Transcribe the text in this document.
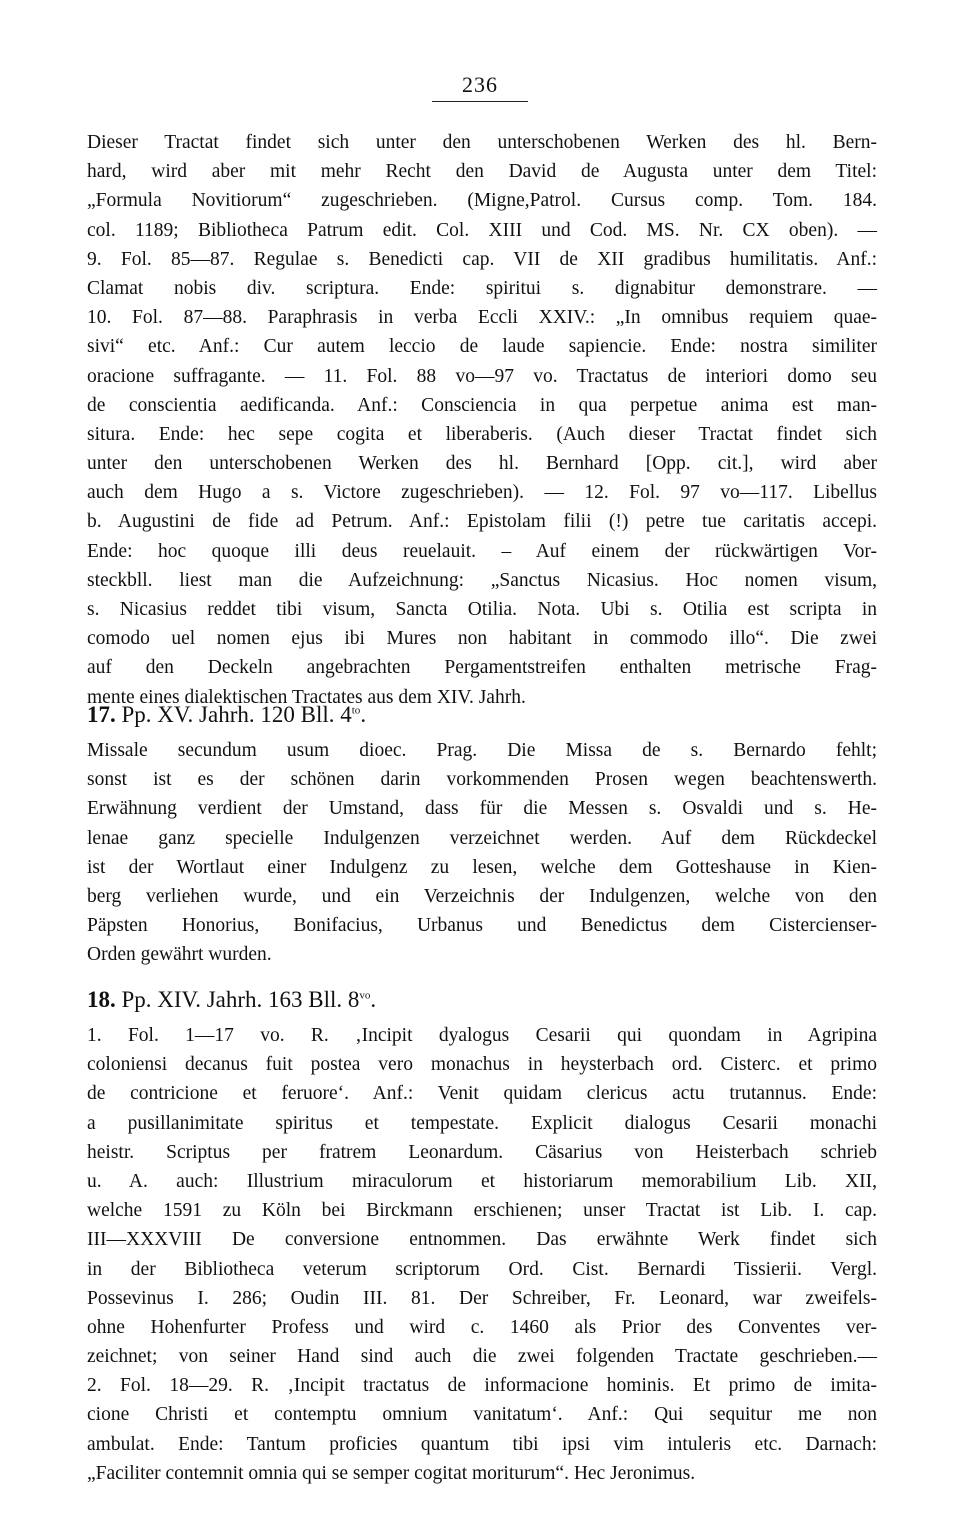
236
Dieser Tractat findet sich unter den unterschobenen Werken des hl. Bern-
hard, wird aber mit mehr Recht den David de Augusta unter dem Titel:
„Formula Novitiorum“ zugeschrieben. (Migne,Patrol. Cursus comp. Tom. 184.
col. 1189; Bibliotheca Patrum edit. Col. XIII und Cod. MS. Nr. CX oben). —
9. Fol. 85—87. Regulae s. Benedicti cap. VII de XII gradibus humilitatis. Anf.:
Clamat nobis div. scriptura. Ende: spiritui s. dignabitur demonstrare. —
10. Fol. 87—88. Paraphrasis in verba Eccli XXIV.: „In omnibus requiem quae-
sivi“ etc. Anf.: Cur autem leccio de laude sapiencie. Ende: nostra similiter
oracione suffragante. — 11. Fol. 88 vo—97 vo. Tractatus de interiori domo seu
de conscientia aedificanda. Anf.: Consciencia in qua perpetue anima est man-
situra. Ende: hec sepe cogita et liberaberis. (Auch dieser Tractat findet sich
unter den unterschobenen Werken des hl. Bernhard [Opp. cit.], wird aber
auch dem Hugo a s. Victore zugeschrieben). — 12. Fol. 97 vo—117. Libellus
b. Augustini de fide ad Petrum. Anf.: Epistolam filii (!) petre tue caritatis accepi.
Ende: hoc quoque illi deus reuelauit. – Auf einem der rückwärtigen Vor-
steckbll. liest man die Aufzeichnung: „Sanctus Nicasius. Hoc nomen visum,
s. Nicasius reddet tibi visum, Sancta Otilia. Nota. Ubi s. Otilia est scripta in
comodo uel nomen ejus ibi Mures non habitant in commodo illo“. Die zwei
auf den Deckeln angebrachten Pergamentstreifen enthalten metrische Frag-
mente eines dialektischen Tractates aus dem XIV. Jahrh.
17. Pp. XV. Jahrh. 120 Bll. $4^{to}$.
Missale secundum usum dioec. Prag. Die Missa de s. Bernardo fehlt;
sonst ist es der schönen darin vorkommenden Prosen wegen beachtenswerth.
Erwähnung verdient der Umstand, dass für die Messen s. Osvaldi und s. He-
lenae ganz specielle Indulgenzen verzeichnet werden. Auf dem Rückdeckel
ist der Wortlaut einer Indulgenz zu lesen, welche dem Gotteshause in Kien-
berg verliehen wurde, und ein Verzeichnis der Indulgenzen, welche von den
Päpsten Honorius, Bonifacius, Urbanus und Benedictus dem Cistercienser-
Orden gewährt wurden.
18. Pp. XIV. Jahrh. 163 Bll. $8^{vo}$.
1. Fol. 1—17 vo. R. ‚Incipit dyalogus Cesarii qui quondam in Agripina
coloniensi decanus fuit postea vero monachus in heysterbach ord. Cisterc. et primo
de contricione et feruore‘. Anf.: Venit quidam clericus actu trutannus. Ende:
a pusillanimitate spiritus et tempestate. Explicit dialogus Cesarii monachi
heistr. Scriptus per fratrem Leonardum. Cäsarius von Heisterbach schrieb
u. A. auch: Illustrium miraculorum et historiarum memorabilium Lib. XII,
welche 1591 zu Köln bei Birckmann erschienen; unser Tractat ist Lib. I. cap.
III—XXXVIII De conversione entnommen. Das erwähnte Werk findet sich
in der Bibliotheca veterum scriptorum Ord. Cist. Bernardi Tissierii. Vergl.
Possevinus I. 286; Oudin III. 81. Der Schreiber, Fr. Leonard, war zweifels-
ohne Hohenfurter Profess und wird c. 1460 als Prior des Conventes ver-
zeichnet; von seiner Hand sind auch die zwei folgenden Tractate geschrieben.—
2. Fol. 18—29. R. ‚Incipit tractatus de informacione hominis. Et primo de imita-
cione Christi et contemptu omnium vanitatum‘. Anf.: Qui sequitur me non
ambulat. Ende: Tantum proficies quantum tibi ipsi vim intuleris etc. Darnach:
„Faciliter contemnit omnia qui se semper cogitat moriturum“. Hec Jeronimus.
